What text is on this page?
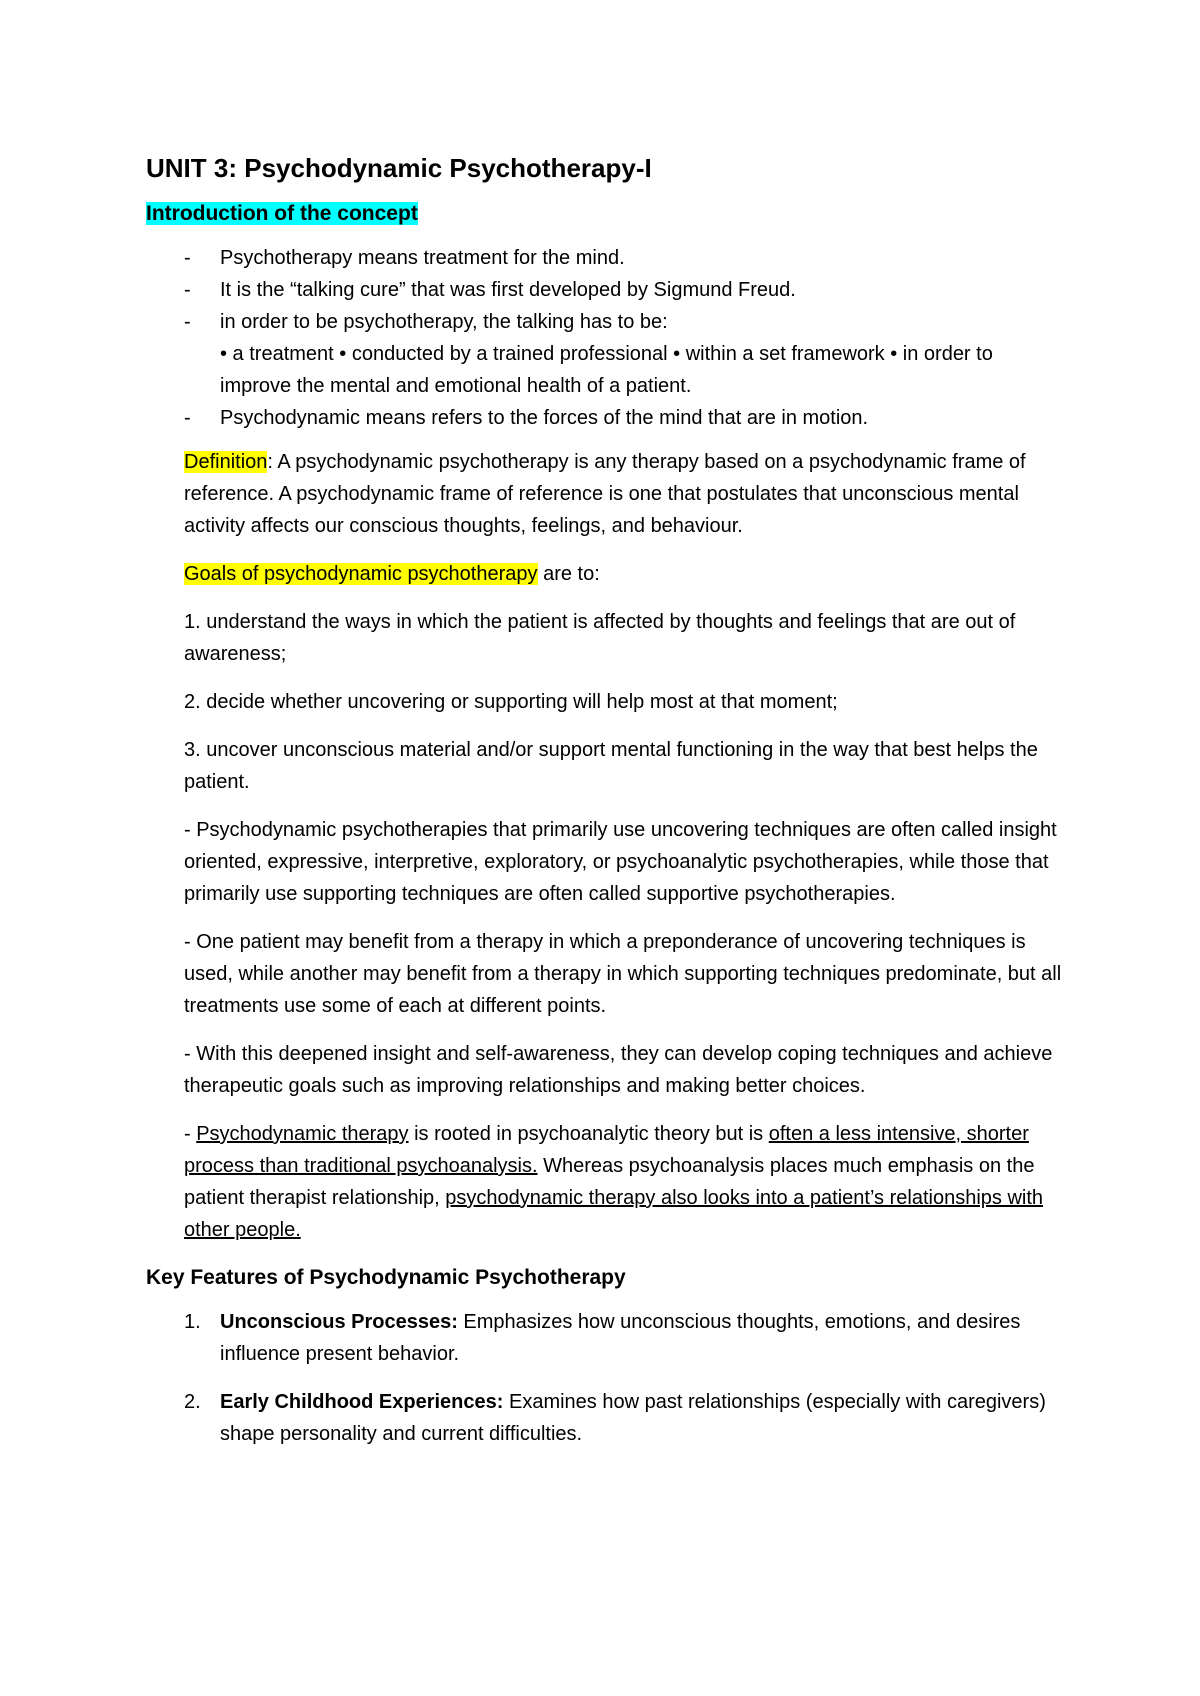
UNIT 3: Psychodynamic Psychotherapy-I
Introduction of the concept
- Psychotherapy means treatment for the mind.
- It is the “talking cure” that was first developed by Sigmund Freud.
- in order to be psychotherapy, the talking has to be:
• a treatment • conducted by a trained professional • within a set framework • in order to improve the mental and emotional health of a patient.
- Psychodynamic means refers to the forces of the mind that are in motion.

Definition: A psychodynamic psychotherapy is any therapy based on a psychodynamic frame of reference. A psychodynamic frame of reference is one that postulates that unconscious mental activity affects our conscious thoughts, feelings, and behaviour.

Goals of psychodynamic psychotherapy are to:

1. understand the ways in which the patient is affected by thoughts and feelings that are out of awareness;

2. decide whether uncovering or supporting will help most at that moment;

3. uncover unconscious material and/or support mental functioning in the way that best helps the patient.

- Psychodynamic psychotherapies that primarily use uncovering techniques are often called insight oriented, expressive, interpretive, exploratory, or psychoanalytic psychotherapies, while those that primarily use supporting techniques are often called supportive psychotherapies.

- One patient may benefit from a therapy in which a preponderance of uncovering techniques is used, while another may benefit from a therapy in which supporting techniques predominate, but all treatments use some of each at different points.

- With this deepened insight and self-awareness, they can develop coping techniques and achieve therapeutic goals such as improving relationships and making better choices.

- Psychodynamic therapy is rooted in psychoanalytic theory but is often a less intensive, shorter process than traditional psychoanalysis. Whereas psychoanalysis places much emphasis on the patient therapist relationship, psychodynamic therapy also looks into a patient’s relationships with other people.

Key Features of Psychodynamic Psychotherapy
1. Unconscious Processes: Emphasizes how unconscious thoughts, emotions, and desires influence present behavior.
2. Early Childhood Experiences: Examines how past relationships (especially with caregivers) shape personality and current difficulties.
